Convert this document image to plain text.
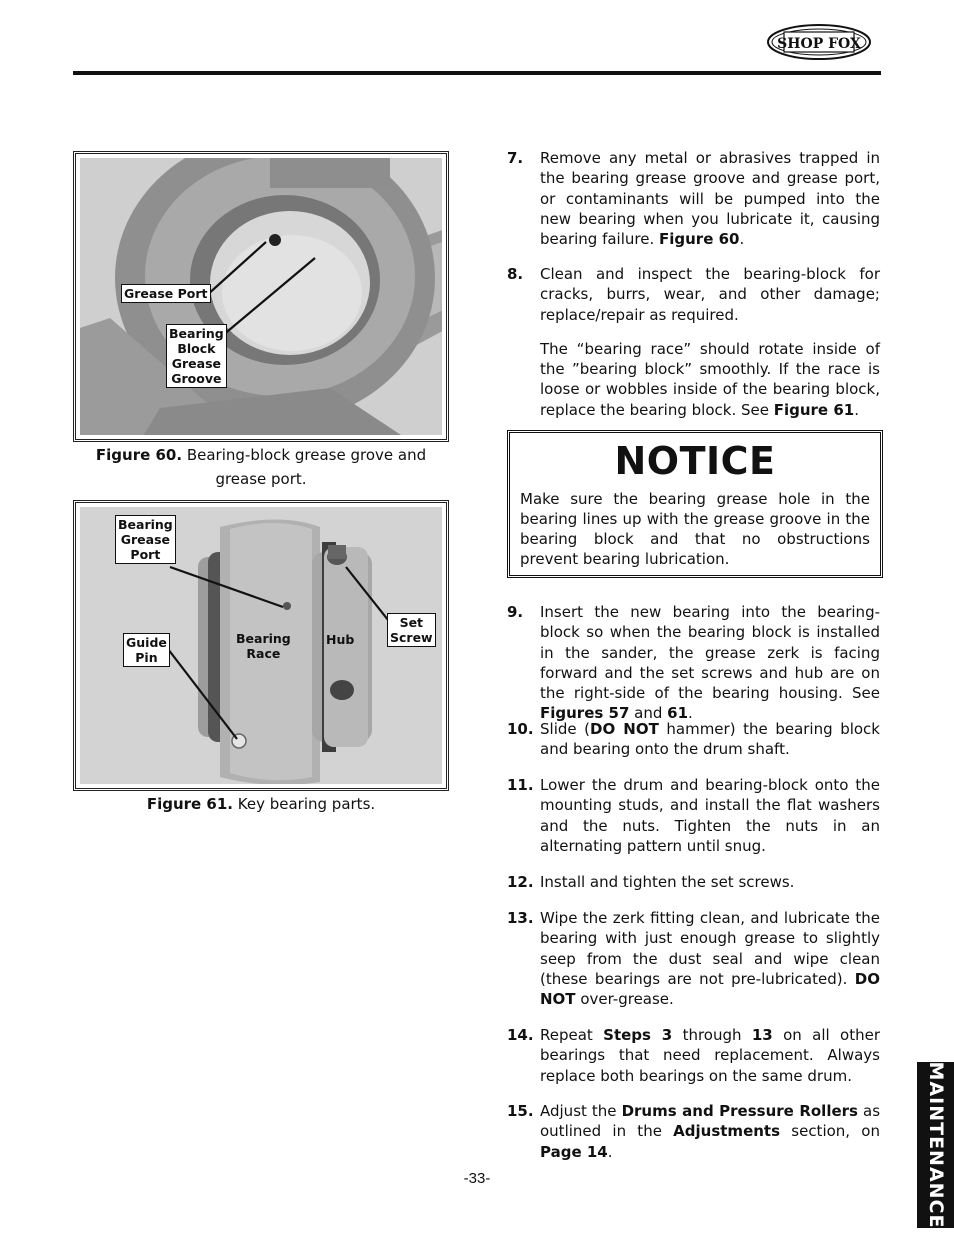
SHOP FOX
Grease Port
Bearing
Block
Grease
Groove
Figure 60. Bearing-block grease grove and
grease port.
Bearing
Grease
Port
Guide
Pin
Bearing
Race
Hub
Set
Screw
Figure 61. Key bearing parts.
7. Remove any metal or abrasives trapped in the bearing grease groove and grease port, or contaminants will be pumped into the new bearing when you lubricate it, causing bearing failure. Figure 60.
8. Clean and inspect the bearing-block for cracks, burrs, wear, and other damage; replace/repair as required.
The “bearing race” should rotate inside of the ”bearing block” smoothly. If the race is loose or wobbles inside of the bearing block, replace the bearing block. See Figure 61.
NOTICE
Make sure the bearing grease hole in the bearing lines up with the grease groove in the bearing block and that no obstructions prevent bearing lubrication.
9. Insert the new bearing into the bearing-block so when the bearing block is installed in the sander, the grease zerk is facing forward and the set screws and hub are on the right-side of the bearing housing. See Figures 57 and 61.
10. Slide (DO NOT hammer) the bearing block and bearing onto the drum shaft.
11. Lower the drum and bearing-block onto the mounting studs, and install the flat washers and the nuts. Tighten the nuts in an alternating pattern until snug.
12. Install and tighten the set screws.
13. Wipe the zerk fitting clean, and lubricate the bearing with just enough grease to slightly seep from the dust seal and wipe clean (these bearings are not pre-lubricated). DO NOT over-grease.
14. Repeat Steps 3 through 13 on all other bearings that need replacement. Always replace both bearings on the same drum.
15. Adjust the Drums and Pressure Rollers as outlined in the Adjustments section, on Page 14.	MAINTENANCE
-33-
